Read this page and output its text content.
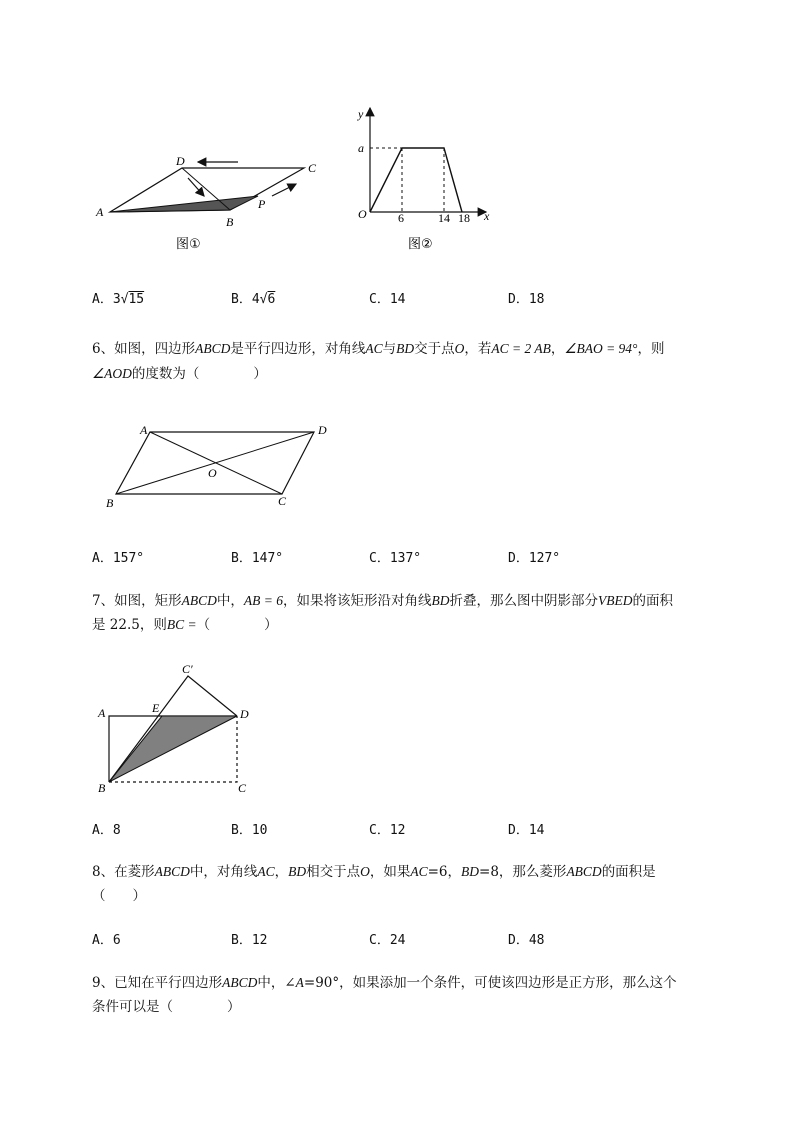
A
D	C
B
P
图①
y
x
O
a
6	14 18
图②
A．3√15	B．4√6	C．14	D．18
6、如图，四边形ABCD是平行四边形，对角线AC与BD交于点O，若AC = 2 AB，∠BAO = 94°，则
∠AOD的度数为（　　　　）
A	D
B	C
O
A．157°	B．147°	C．137°	D．127°
7、如图，矩形ABCD中，AB = 6，如果将该矩形沿对角线BD折叠，那么图中阴影部分VBED的面积
是 22.5，则BC =（　　　　）
C′
A	E	D
B	C
A．8	B．10	C．12	D．14
8、在菱形ABCD中，对角线AC，BD相交于点O，如果AC=6，BD=8，那么菱形ABCD的面积是
（　　）
A．6	B．12	C．24	D．48
9、已知在平行四边形ABCD中，∠A=90°，如果添加一个条件，可使该四边形是正方形，那么这个
条件可以是（　　　　）
